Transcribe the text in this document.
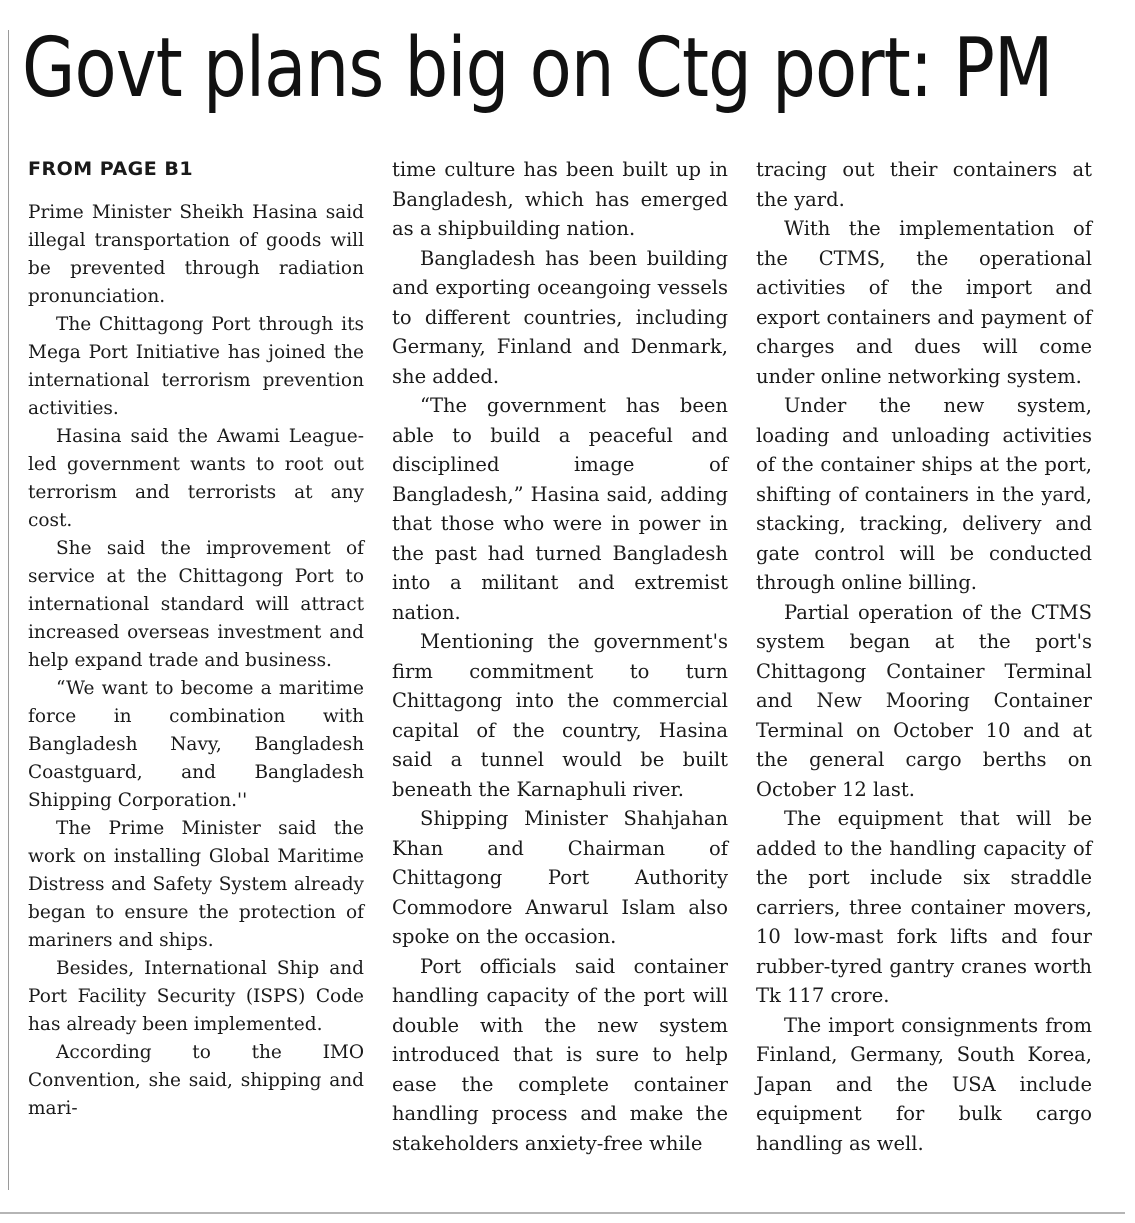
Govt plans big on Ctg port: PM
FROM PAGE B1

Prime Minister Sheikh Hasina said illegal transportation of goods will be prevented through radiation pronunciation.

The Chittagong Port through its Mega Port Initiative has joined the international terrorism prevention activities.

Hasina said the Awami League-led government wants to root out terrorism and terrorists at any cost.

She said the improvement of service at the Chittagong Port to international standard will attract increased overseas investment and help expand trade and business.

“We want to become a maritime force in combination with Bangladesh Navy, Bangladesh Coastguard, and Bangladesh Shipping Corporation.''

The Prime Minister said the work on installing Global Maritime Distress and Safety System already began to ensure the protection of mariners and ships.

Besides, International Ship and Port Facility Security (ISPS) Code has already been implemented.

According to the IMO Convention, she said, shipping and mari-

time culture has been built up in Bangladesh, which has emerged as a shipbuilding nation.

Bangladesh has been building and exporting oceangoing vessels to different countries, including Germany, Finland and Denmark, she added.

“The government has been able to build a peaceful and disciplined image of Bangladesh,” Hasina said, adding that those who were in power in the past had turned Bangladesh into a militant and extremist nation.

Mentioning the government's firm commitment to turn Chittagong into the commercial capital of the country, Hasina said a tunnel would be built beneath the Karnaphuli river.

Shipping Minister Shahjahan Khan and Chairman of Chittagong Port Authority Commodore Anwarul Islam also spoke on the occasion.

Port officials said container handling capacity of the port will double with the new system introduced that is sure to help ease the complete container handling process and make the stakeholders anxiety-free while

tracing out their containers at the yard.

With the implementation of the CTMS, the operational activities of the import and export containers and payment of charges and dues will come under online networking system.

Under the new system, loading and unloading activities of the container ships at the port, shifting of containers in the yard, stacking, tracking, delivery and gate control will be conducted through online billing.

Partial operation of the CTMS system began at the port's Chittagong Container Terminal and New Mooring Container Terminal on October 10 and at the general cargo berths on October 12 last.

The equipment that will be added to the handling capacity of the port include six straddle carriers, three container movers, 10 low-mast fork lifts and four rubber-tyred gantry cranes worth Tk 117 crore.

The import consignments from Finland, Germany, South Korea, Japan and the USA include equipment for bulk cargo handling as well.
